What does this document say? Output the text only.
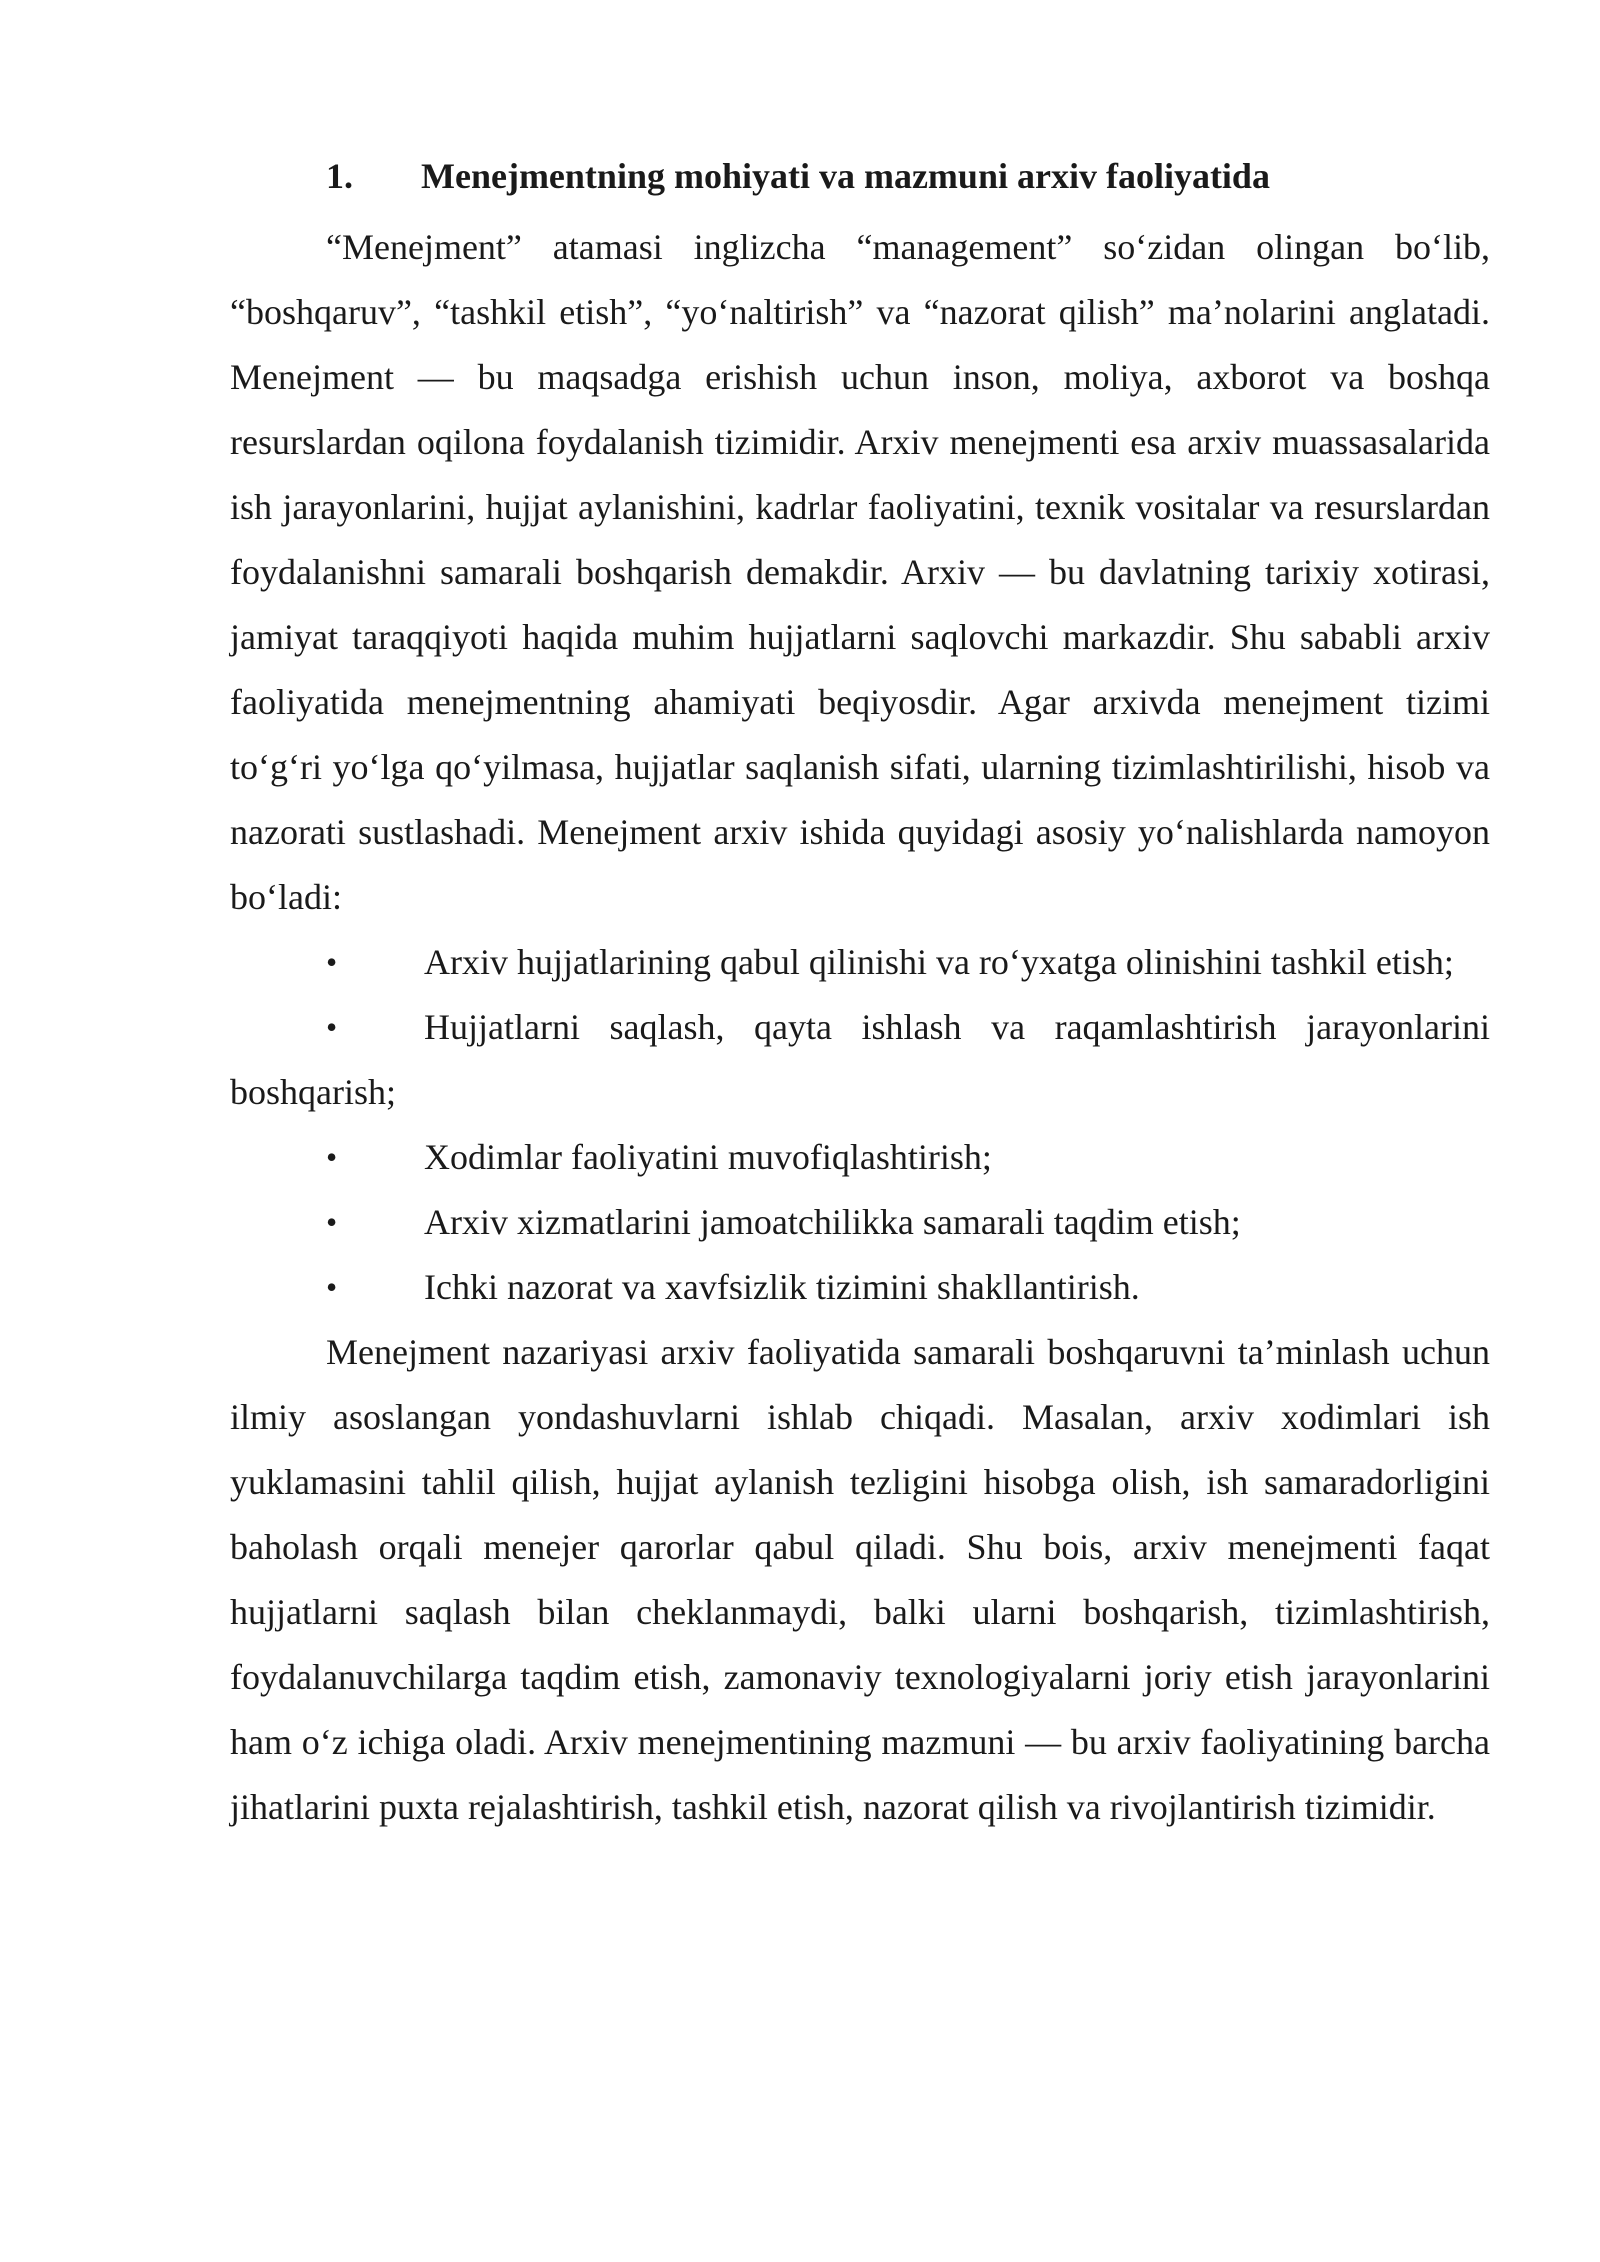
1.	Menejmentning mohiyati va mazmuni arxiv faoliyatida

“Menejment” atamasi inglizcha “management” so‘zidan olingan bo‘lib, “boshqaruv”, “tashkil etish”, “yo‘naltirish” va “nazorat qilish” ma’nolarini anglatadi. Menejment — bu maqsadga erishish uchun inson, moliya, axborot va boshqa resurslardan oqilona foydalanish tizimidir. Arxiv menejmenti esa arxiv muassasalarida ish jarayonlarini, hujjat aylanishini, kadrlar faoliyatini, texnik vositalar va resurslardan foydalanishni samarali boshqarish demakdir. Arxiv — bu davlatning tarixiy xotirasi, jamiyat taraqqiyoti haqida muhim hujjatlarni saqlovchi markazdir. Shu sababli arxiv faoliyatida menejmentning ahamiyati beqiyosdir. Agar arxivda menejment tizimi to‘g‘ri yo‘lga qo‘yilmasa, hujjatlar saqlanish sifati, ularning tizimlashtirilishi, hisob va nazorati sustlashadi. Menejment arxiv ishida quyidagi asosiy yo‘nalishlarda namoyon bo‘ladi:

• Arxiv hujjatlarining qabul qilinishi va ro‘yxatga olinishini tashkil etish;
• Hujjatlarni saqlash, qayta ishlash va raqamlashtirish jarayonlarini boshqarish;
• Xodimlar faoliyatini muvofiqlashtirish;
• Arxiv xizmatlarini jamoatchilikka samarali taqdim etish;
• Ichki nazorat va xavfsizlik tizimini shakllantirish.

Menejment nazariyasi arxiv faoliyatida samarali boshqaruvni ta’minlash uchun ilmiy asoslangan yondashuvlarni ishlab chiqadi. Masalan, arxiv xodimlari ish yuklamasini tahlil qilish, hujjat aylanish tezligini hisobga olish, ish samaradorligini baholash orqali menejer qarorlar qabul qiladi. Shu bois, arxiv menejmenti faqat hujjatlarni saqlash bilan cheklanmaydi, balki ularni boshqarish, tizimlashtirish, foydalanuvchilarga taqdim etish, zamonaviy texnologiyalarni joriy etish jarayonlarini ham o‘z ichiga oladi. Arxiv menejmentining mazmuni — bu arxiv faoliyatining barcha jihatlarini puxta rejalashtirish, tashkil etish, nazorat qilish va rivojlantirish tizimidir.
